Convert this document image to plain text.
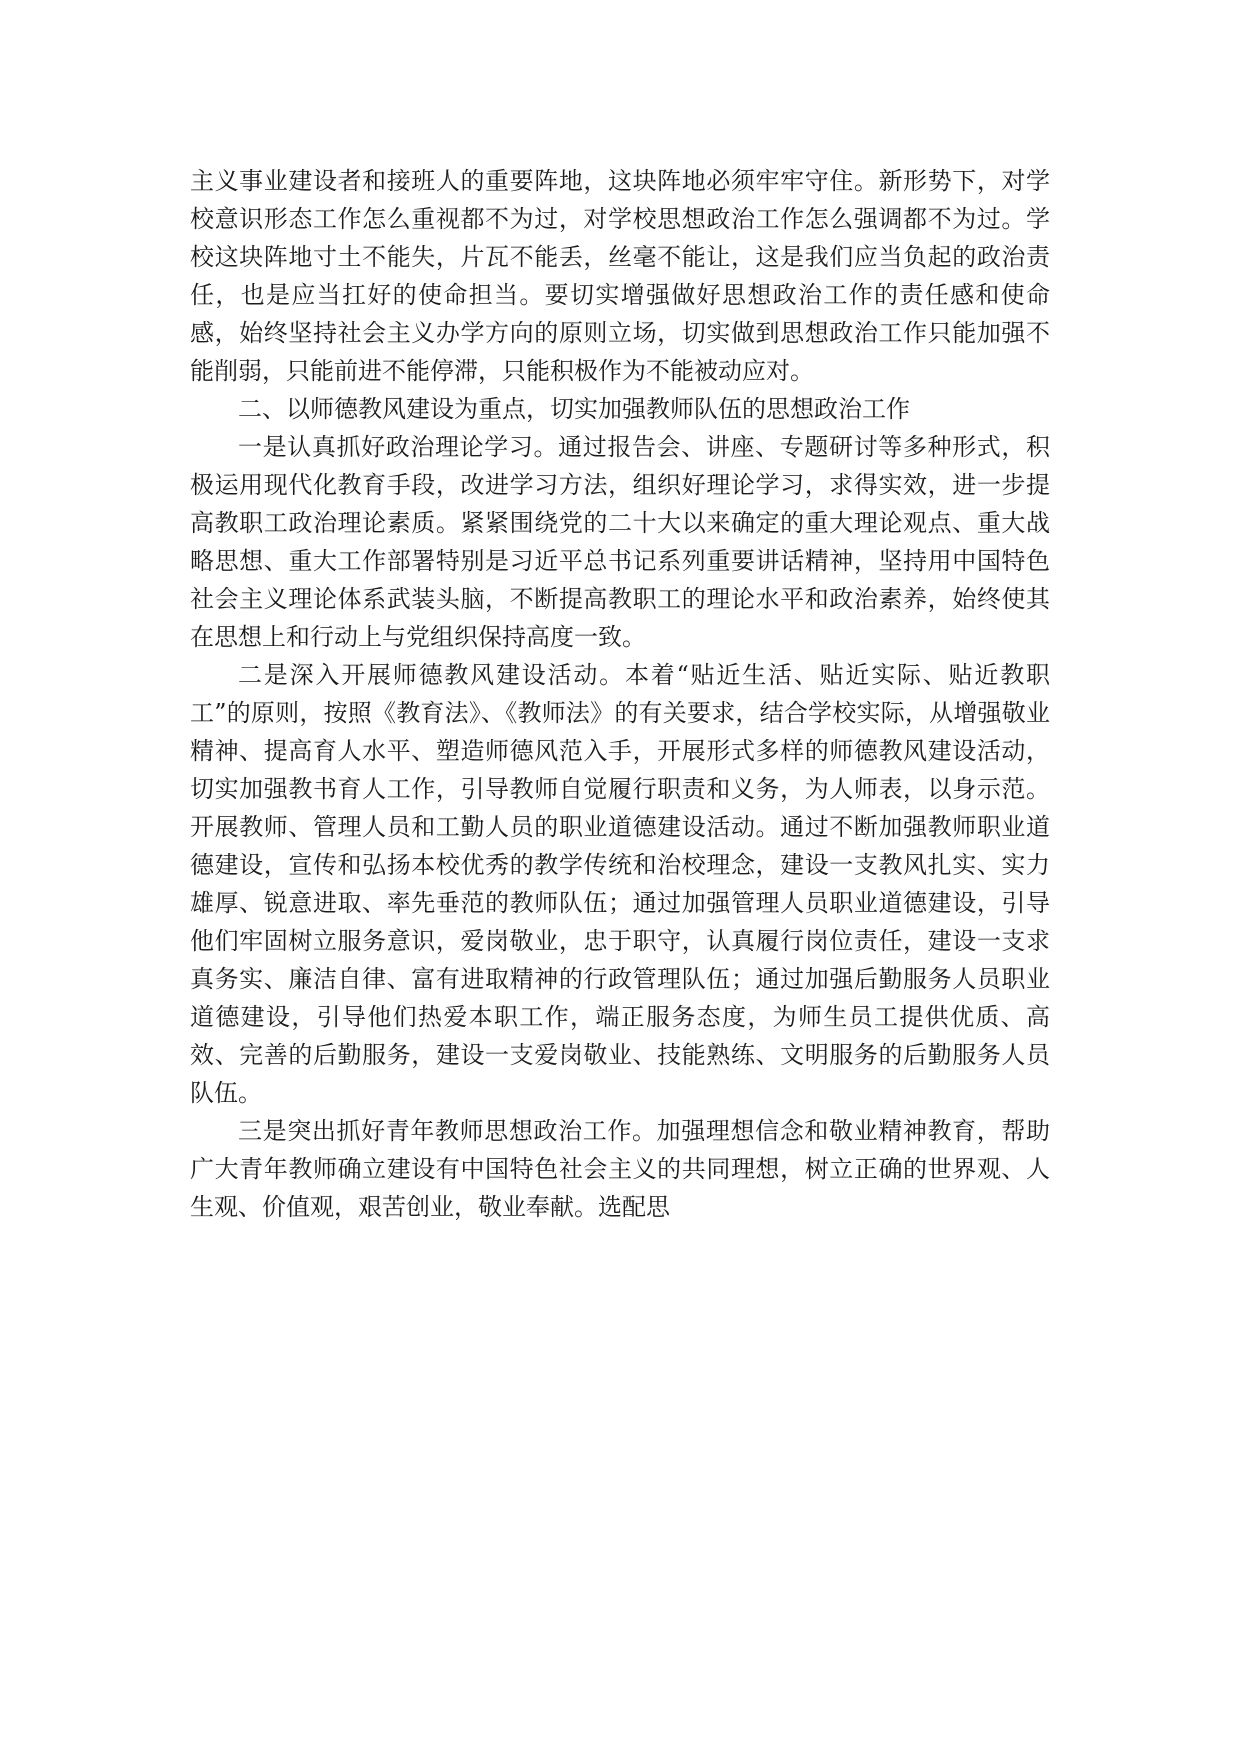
主义事业建设者和接班人的重要阵地，这块阵地必须牢牢守住。新形势下，对学校意识形态工作怎么重视都不为过，对学校思想政治工作怎么强调都不为过。学校这块阵地寸土不能失，片瓦不能丢，丝毫不能让，这是我们应当负起的政治责任，也是应当扛好的使命担当。要切实增强做好思想政治工作的责任感和使命感，始终坚持社会主义办学方向的原则立场，切实做到思想政治工作只能加强不能削弱，只能前进不能停滞，只能积极作为不能被动应对。

二、以师德教风建设为重点，切实加强教师队伍的思想政治工作

一是认真抓好政治理论学习。通过报告会、讲座、专题研讨等多种形式，积极运用现代化教育手段，改进学习方法，组织好理论学习，求得实效，进一步提高教职工政治理论素质。紧紧围绕党的二十大以来确定的重大理论观点、重大战略思想、重大工作部署特别是习近平总书记系列重要讲话精神，坚持用中国特色社会主义理论体系武装头脑，不断提高教职工的理论水平和政治素养，始终使其在思想上和行动上与党组织保持高度一致。

二是深入开展师德教风建设活动。本着“贴近生活、贴近实际、贴近教职工”的原则，按照《教育法》、《教师法》的有关要求，结合学校实际，从增强敬业精神、提高育人水平、塑造师德风范入手，开展形式多样的师德教风建设活动，切实加强教书育人工作，引导教师自觉履行职责和义务，为人师表，以身示范。开展教师、管理人员和工勤人员的职业道德建设活动。通过不断加强教师职业道德建设，宣传和弘扬本校优秀的教学传统和治校理念，建设一支教风扎实、实力雄厚、锐意进取、率先垂范的教师队伍；通过加强管理人员职业道德建设，引导他们牢固树立服务意识，爱岗敬业，忠于职守，认真履行岗位责任，建设一支求真务实、廉洁自律、富有进取精神的行政管理队伍；通过加强后勤服务人员职业道德建设，引导他们热爱本职工作，端正服务态度，为师生员工提供优质、高效、完善的后勤服务，建设一支爱岗敬业、技能熟练、文明服务的后勤服务人员队伍。

三是突出抓好青年教师思想政治工作。加强理想信念和敬业精神教育，帮助广大青年教师确立建设有中国特色社会主义的共同理想，树立正确的世界观、人生观、价值观，艰苦创业，敬业奉献。选配思
